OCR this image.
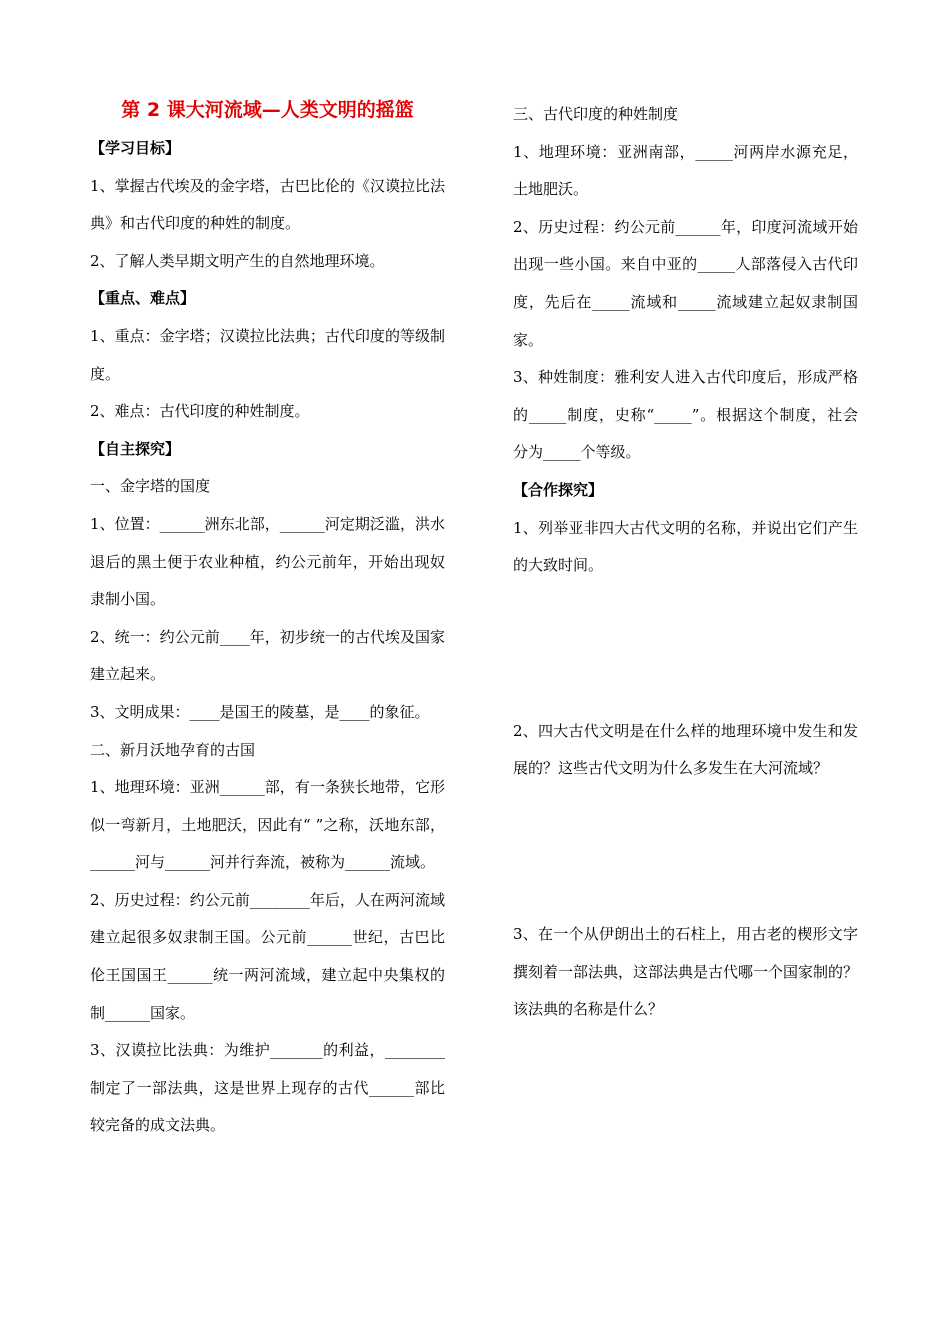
第 2 课大河流域—人类文明的摇篮
【学习目标】
1、掌握古代埃及的金字塔，古巴比伦的《汉谟拉比法典》和古代印度的种姓的制度。
2、了解人类早期文明产生的自然地理环境。
【重点、难点】
1、重点：金字塔；汉谟拉比法典；古代印度的等级制度。
2、难点：古代印度的种姓制度。
【自主探究】
一、金字塔的国度
1、位置：______洲东北部，______河定期泛滥，洪水退后的黑土便于农业种植，约公元前年，开始出现奴隶制小国。
2、统一：约公元前____年，初步统一的古代埃及国家建立起来。
3、文明成果：____是国王的陵墓，是____的象征。
二、新月沃地孕育的古国
1、地理环境：亚洲______部，有一条狭长地带，它形似一弯新月，土地肥沃，因此有“ ”之称，沃地东部，______河与______河并行奔流，被称为______流域。
2、历史过程：约公元前________年后，人在两河流域建立起很多奴隶制王国。公元前______世纪，古巴比伦王国国王______统一两河流域，建立起中央集权的制______国家。
3、汉谟拉比法典：为维护_______的利益，________制定了一部法典，这是世界上现存的古代______部比较完备的成文法典。
三、古代印度的种姓制度
1、地理环境：亚洲南部，_____河两岸水源充足，土地肥沃。
2、历史过程：约公元前______年，印度河流域开始出现一些小国。来自中亚的_____人部落侵入古代印度，先后在_____流域和_____流域建立起奴隶制国家。
3、种姓制度：雅利安人进入古代印度后，形成严格的_____制度，史称“_____”。根据这个制度，社会分为_____个等级。
【合作探究】
1、列举亚非四大古代文明的名称，并说出它们产生的大致时间。
2、四大古代文明是在什么样的地理环境中发生和发展的？这些古代文明为什么多发生在大河流域？
3、在一个从伊朗出土的石柱上，用古老的楔形文字撰刻着一部法典，这部法典是古代哪一个国家制的？该法典的名称是什么？
